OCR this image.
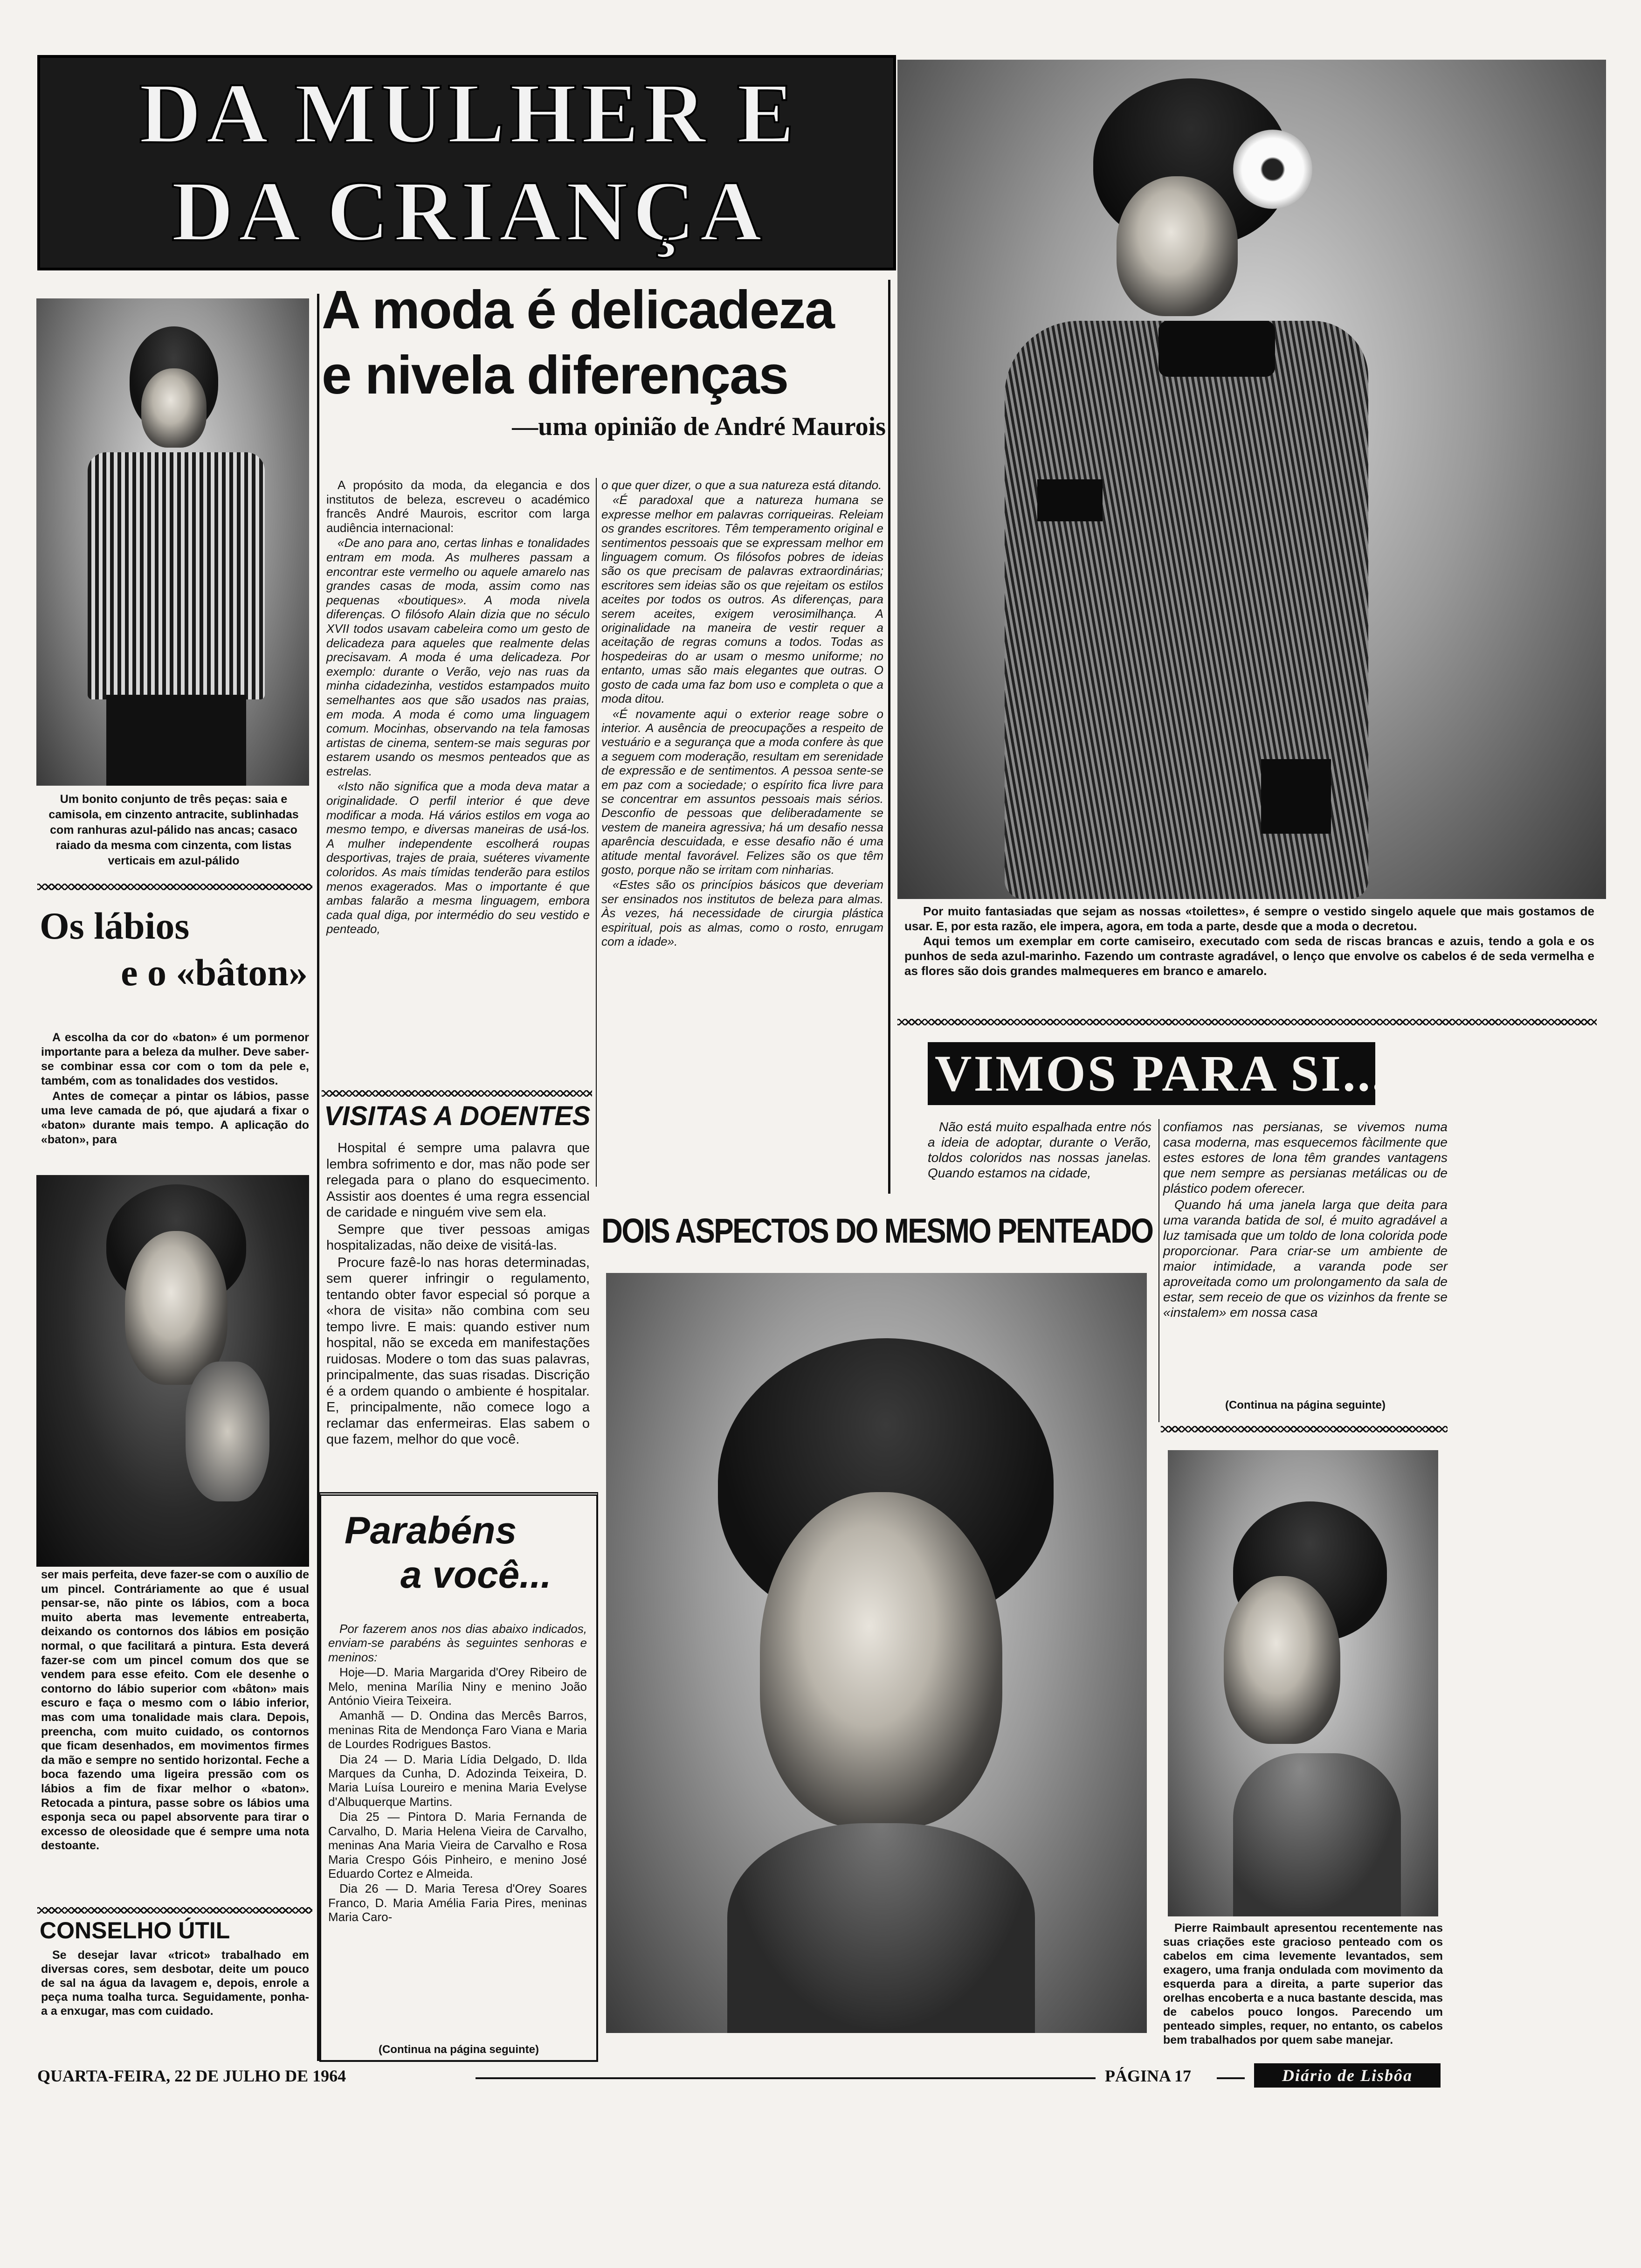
DA MULHER E
DA CRIANÇA
Um bonito conjunto de três peças: saia e camisola, em cinzento antracite, sublinhadas com ranhuras azul-pálido nas ancas; casaco raiado da mesma com cinzenta, com listas verticais em azul-pálido
Os lábios
e o «bâton»

A escolha da cor do «baton» é um pormenor importante para a beleza da mulher. Deve saber-se combinar essa cor com o tom da pele e, também, com as tonalidades dos vestidos.

Antes de começar a pintar os lábios, passe uma leve camada de pó, que ajudará a fixar o «baton» durante mais tempo. A aplicação do «baton», para

ser mais perfeita, deve fazer-se com o auxílio de um pincel. Contráriamente ao que é usual pensar-se, não pinte os lábios, com a boca muito aberta mas levemente entreaberta, deixando os contornos dos lábios em posição normal, o que facilitará a pintura. Esta deverá fazer-se com um pincel comum dos que se vendem para esse efeito. Com ele desenhe o contorno do lábio superior com «bâton» mais escuro e faça o mesmo com o lábio inferior, mas com uma tonalidade mais clara. Depois, preencha, com muito cuidado, os contornos que ficam desenhados, em movimentos firmes da mão e sempre no sentido horizontal. Feche a boca fazendo uma ligeira pressão com os lábios a fim de fixar melhor o «baton». Retocada a pintura, passe sobre os lábios uma esponja seca ou papel absorvente para tirar o excesso de oleosidade que é sempre uma nota destoante.

CONSELHO ÚTIL

Se desejar lavar «tricot» trabalhado em diversas cores, sem desbotar, deite um pouco de sal na água da lavagem e, depois, enrole a peça numa toalha turca. Seguidamente, ponha-a a enxugar, mas com cuidado.

A moda é delicadeza
e nivela diferenças
—uma opinião de André Maurois

A propósito da moda, da elegancia e dos institutos de beleza, escreveu o académico francês André Maurois, escritor com larga audiência internacional:

«De ano para ano, certas linhas e tonalidades entram em moda. As mulheres passam a encontrar este vermelho ou aquele amarelo nas grandes casas de moda, assim como nas pequenas «boutiques». A moda nivela diferenças. O filósofo Alain dizia que no século XVII todos usavam cabeleira como um gesto de delicadeza para aqueles que realmente delas precisavam. A moda é uma delicadeza. Por exemplo: durante o Verão, vejo nas ruas da minha cidadezinha, vestidos estampados muito semelhantes aos que são usados nas praias, em moda. A moda é como uma linguagem comum. Mocinhas, observando na tela famosas artistas de cinema, sentem-se mais seguras por estarem usando os mesmos penteados que as estrelas.

«Isto não significa que a moda deva matar a originalidade. O perfil interior é que deve modificar a moda. Há vários estilos em voga ao mesmo tempo, e diversas maneiras de usá-los. A mulher independente escolherá roupas desportivas, trajes de praia, suéteres vivamente coloridos. As mais tímidas tenderão para estilos menos exagerados. Mas o importante é que ambas falarão a mesma linguagem, embora cada qual diga, por intermédio do seu vestido e penteado,

o que quer dizer, o que a sua natureza está ditando.

«É paradoxal que a natureza humana se expresse melhor em palavras corriqueiras. Releiam os grandes escritores. Têm temperamento original e sentimentos pessoais que se expressam melhor em linguagem comum. Os filósofos pobres de ideias são os que precisam de palavras extraordinárias; escritores sem ideias são os que rejeitam os estilos aceites por todos os outros. As diferenças, para serem aceites, exigem verosimilhança. A originalidade na maneira de vestir requer a aceitação de regras comuns a todos. Todas as hospedeiras do ar usam o mesmo uniforme; no entanto, umas são mais elegantes que outras. O gosto de cada uma faz bom uso e completa o que a moda ditou.

«É novamente aqui o exterior reage sobre o interior. A ausência de preocupações a respeito de vestuário e a segurança que a moda confere às que a seguem com moderação, resultam em serenidade de expressão e de sentimentos. A pessoa sente-se em paz com a sociedade; o espírito fica livre para se concentrar em assuntos pessoais mais sérios. Desconfio de pessoas que deliberadamente se vestem de maneira agressiva; há um desafio nessa aparência descuidada, e esse desafio não é uma atitude mental favorável. Felizes são os que têm gosto, porque não se irritam com ninharias.

«Estes são os princípios básicos que deveriam ser ensinados nos institutos de beleza para almas. Às vezes, há necessidade de cirurgia plástica espiritual, pois as almas, como o rosto, enrugam com a idade».

VISITAS A DOENTES

Hospital é sempre uma palavra que lembra sofrimento e dor, mas não pode ser relegada para o plano do esquecimento. Assistir aos doentes é uma regra essencial de caridade e ninguém vive sem ela.

Sempre que tiver pessoas amigas hospitalizadas, não deixe de visitá-las.

Procure fazê-lo nas horas determinadas, sem querer infringir o regulamento, tentando obter favor especial só porque a «hora de visita» não combina com seu tempo livre. E mais: quando estiver num hospital, não se exceda em manifestações ruidosas. Modere o tom das suas palavras, principalmente, das suas risadas. Discrição é a ordem quando o ambiente é hospitalar. E, principalmente, não comece logo a reclamar das enfermeiras. Elas sabem o que fazem, melhor do que você.

Parabéns
a você...

Por fazerem anos nos dias abaixo indicados, enviam-se parabéns às seguintes senhoras e meninos:

Hoje—D. Maria Margarida d'Orey Ribeiro de Melo, menina Marília Niny e menino João António Vieira Teixeira.

Amanhã — D. Ondina das Mercês Barros, meninas Rita de Mendonça Faro Viana e Maria de Lourdes Rodrigues Bastos.

Dia 24 — D. Maria Lídia Delgado, D. Ilda Marques da Cunha, D. Adozinda Teixeira, D. Maria Luísa Loureiro e menina Maria Evelyse d'Albuquerque Martins.

Dia 25 — Pintora D. Maria Fernanda de Carvalho, D. Maria Helena Vieira de Carvalho, meninas Ana Maria Vieira de Carvalho e Rosa Maria Crespo Góis Pinheiro, e menino José Eduardo Cortez e Almeida.

Dia 26 — D. Maria Teresa d'Orey Soares Franco, D. Maria Amélia Faria Pires, meninas Maria Caro-

(Continua na página seguinte)

Por muito fantasiadas que sejam as nossas «toilettes», é sempre o vestido singelo aquele que mais gostamos de usar. E, por esta razão, ele impera, agora, em toda a parte, desde que a moda o decretou.

Aqui temos um exemplar em corte camiseiro, executado com seda de riscas brancas e azuis, tendo a gola e os punhos de seda azul-marinho. Fazendo um contraste agradável, o lenço que envolve os cabelos é de seda vermelha e as flores são dois grandes malmequeres em branco e amarelo.

VIMOS PARA SI...

Não está muito espalhada entre nós a ideia de adoptar, durante o Verão, toldos coloridos nas nossas janelas. Quando estamos na cidade,

confiamos nas persianas, se vivemos numa casa moderna, mas esquecemos fàcilmente que estes estores de lona têm grandes vantagens que nem sempre as persianas metálicas ou de plástico podem oferecer.

Quando há uma janela larga que deita para uma varanda batida de sol, é muito agradável a luz tamisada que um toldo de lona colorida pode proporcionar. Para criar-se um ambiente de maior intimidade, a varanda pode ser aproveitada como um prolongamento da sala de estar, sem receio de que os vizinhos da frente se «instalem» em nossa casa

(Continua na página seguinte)
DOIS ASPECTOS DO MESMO PENTEADO
Pierre Raimbault apresentou recentemente nas suas criações este gracioso penteado com os cabelos em cima levemente levantados, sem exagero, uma franja ondulada com movimento da esquerda para a direita, a parte superior das orelhas encoberta e a nuca bastante descida, mas de cabelos pouco longos. Parecendo um penteado simples, requer, no entanto, os cabelos bem trabalhados por quem sabe manejar.
QUARTA-FEIRA, 22 DE JULHO DE 1964	PÁGINA 17	Diário de Lisbôa
